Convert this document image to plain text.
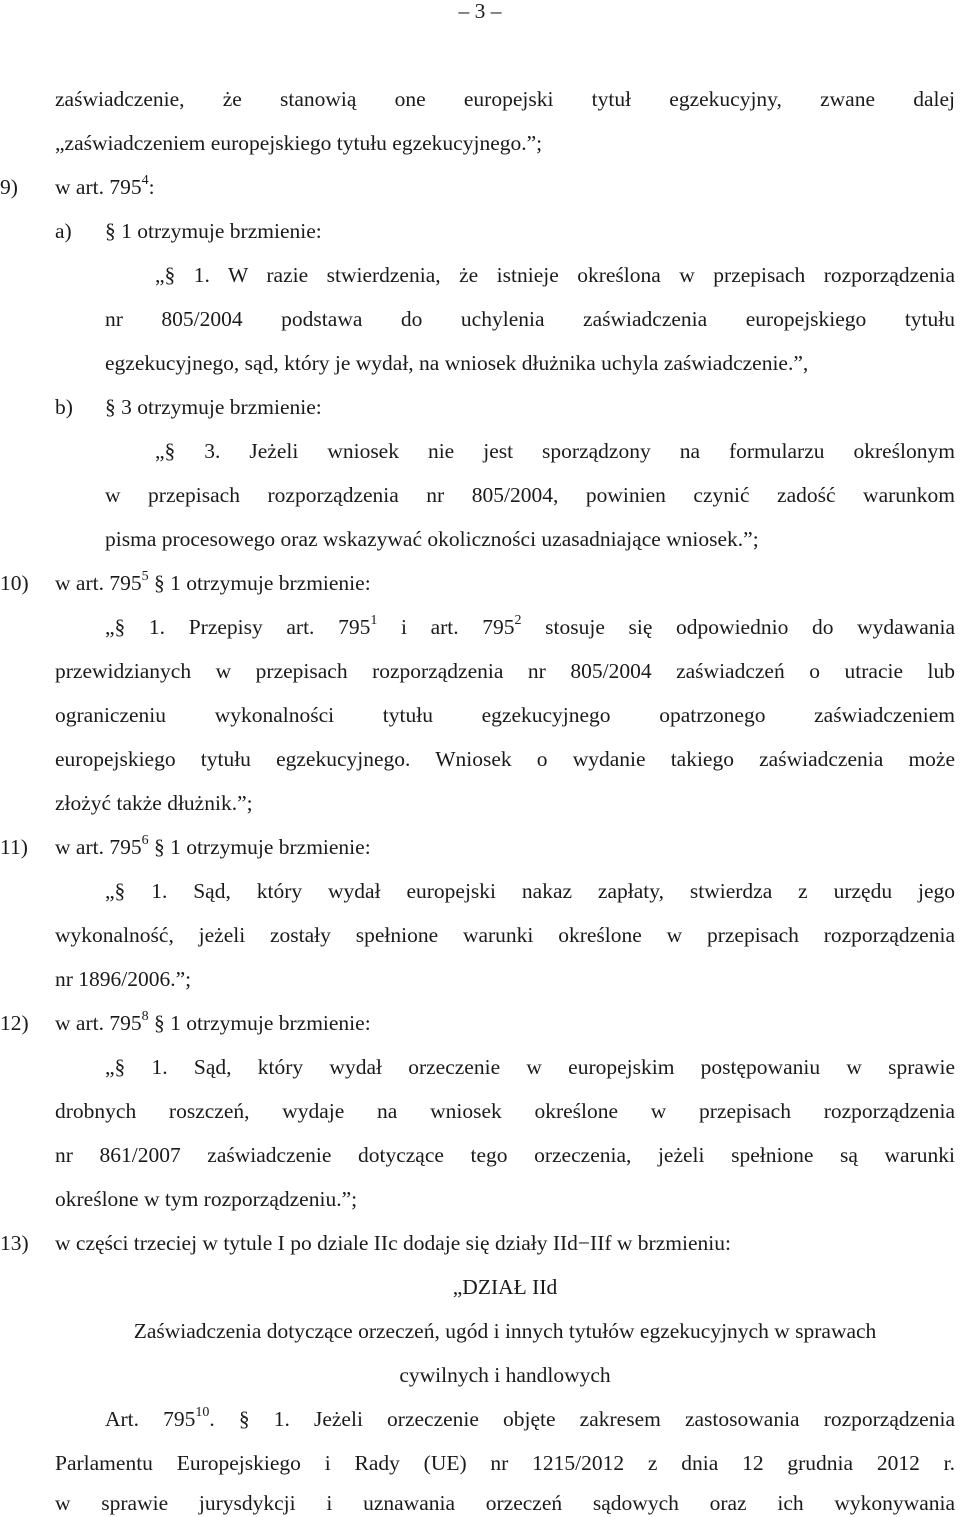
– 3 –
zaświadczenie, że stanowią one europejski tytuł egzekucyjny, zwane dalej
„zaświadczeniem europejskiego tytułu egzekucyjnego.”;
9) w art. $795^4$:
a) § 1 otrzymuje brzmienie:
„§ 1. W razie stwierdzenia, że istnieje określona w przepisach rozporządzenia
nr 805/2004 podstawa do uchylenia zaświadczenia europejskiego tytułu
egzekucyjnego, sąd, który je wydał, na wniosek dłużnika uchyla zaświadczenie.”,
b) § 3 otrzymuje brzmienie:
„§ 3. Jeżeli wniosek nie jest sporządzony na formularzu określonym
w przepisach rozporządzenia nr 805/2004, powinien czynić zadość warunkom
pisma procesowego oraz wskazywać okoliczności uzasadniające wniosek.”;
10) w art. $795^5$ § 1 otrzymuje brzmienie:
„§ 1. Przepisy art. $795^1$ i art. $795^2$ stosuje się odpowiednio do wydawania
przewidzianych w przepisach rozporządzenia nr 805/2004 zaświadczeń o utracie lub
ograniczeniu wykonalności tytułu egzekucyjnego opatrzonego zaświadczeniem
europejskiego tytułu egzekucyjnego. Wniosek o wydanie takiego zaświadczenia może
złożyć także dłużnik.”;
11) w art. $795^6$ § 1 otrzymuje brzmienie:
„§ 1. Sąd, który wydał europejski nakaz zapłaty, stwierdza z urzędu jego
wykonalność, jeżeli zostały spełnione warunki określone w przepisach rozporządzenia
nr 1896/2006.”;
12) w art. $795^8$ § 1 otrzymuje brzmienie:
„§ 1. Sąd, który wydał orzeczenie w europejskim postępowaniu w sprawie
drobnych roszczeń, wydaje na wniosek określone w przepisach rozporządzenia
nr 861/2007 zaświadczenie dotyczące tego orzeczenia, jeżeli spełnione są warunki
określone w tym rozporządzeniu.”;
13) w części trzeciej w tytule I po dziale IIc dodaje się działy IId−IIf w brzmieniu:
„DZIAŁ IId
Zaświadczenia dotyczące orzeczeń, ugód i innych tytułów egzekucyjnych w sprawach
cywilnych i handlowych
Art. $795^{10}$. § 1. Jeżeli orzeczenie objęte zakresem zastosowania rozporządzenia
Parlamentu Europejskiego i Rady (UE) nr 1215/2012 z dnia 12 grudnia 2012 r.
w sprawie jurysdykcji i uznawania orzeczeń sądowych oraz ich wykonywania
